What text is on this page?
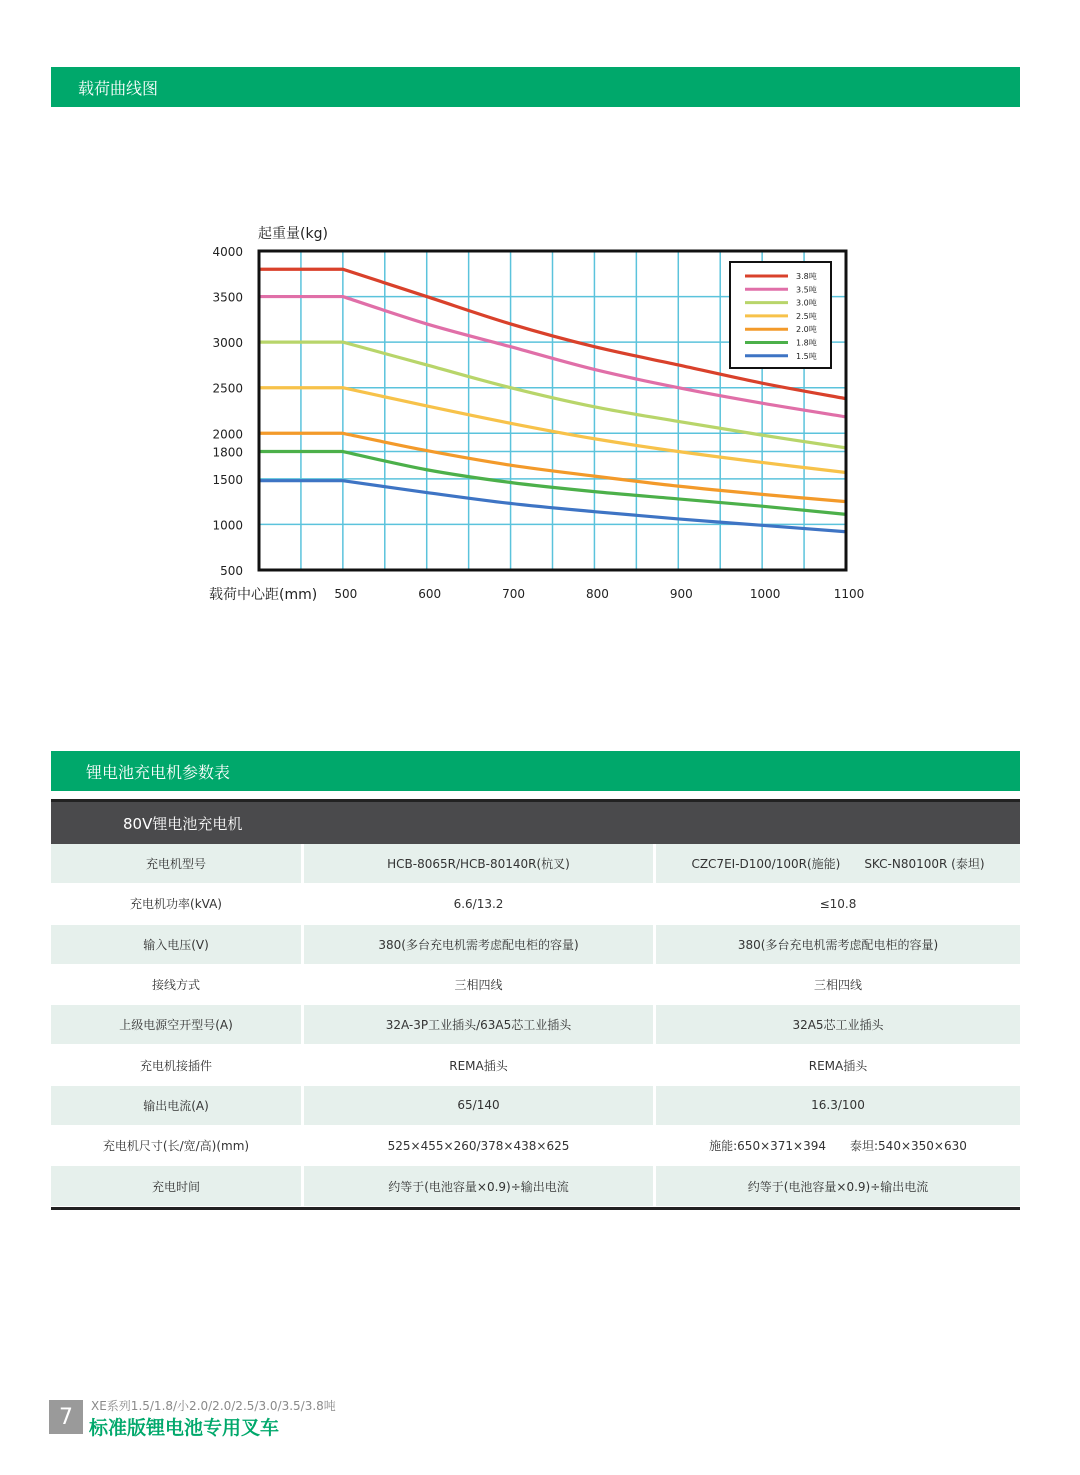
载荷曲线图
4000
3500
3000
2500
2000
1800
1500
1000
500
500	600	700	800	900	1000	1100
3.8吨
3.5吨
3.0吨
2.5吨
2.0吨
1.8吨
1.5吨
起重量(kg)
载荷中心距(mm)
锂电池充电机参数表
80V锂电池充电机
充电机型号	HCB-8065R/HCB-80140R(杭叉)	CZC7EI-D100/100R(施能) SKC-N80100R (泰坦)
充电机功率(kVA)	6.6/13.2	≤10.8
输入电压(V)	380(多台充电机需考虑配电柜的容量)	380(多台充电机需考虑配电柜的容量)
接线方式	三相四线	三相四线
上级电源空开型号(A)	32A-3P工业插头/63A5芯工业插头	32A5芯工业插头
充电机接插件	REMA插头	REMA插头
输出电流(A)	65/140	16.3/100
充电机尺寸(长/宽/高)(mm)	525×455×260/378×438×625	施能:650×371×394 泰坦:540×350×630
充电时间	约等于(电池容量×0.9)÷输出电流	约等于(电池容量×0.9)÷输出电流
7	XE系列1.5/1.8/小2.0/2.0/2.5/3.0/3.5/3.8吨
标准版锂电池专用叉车
